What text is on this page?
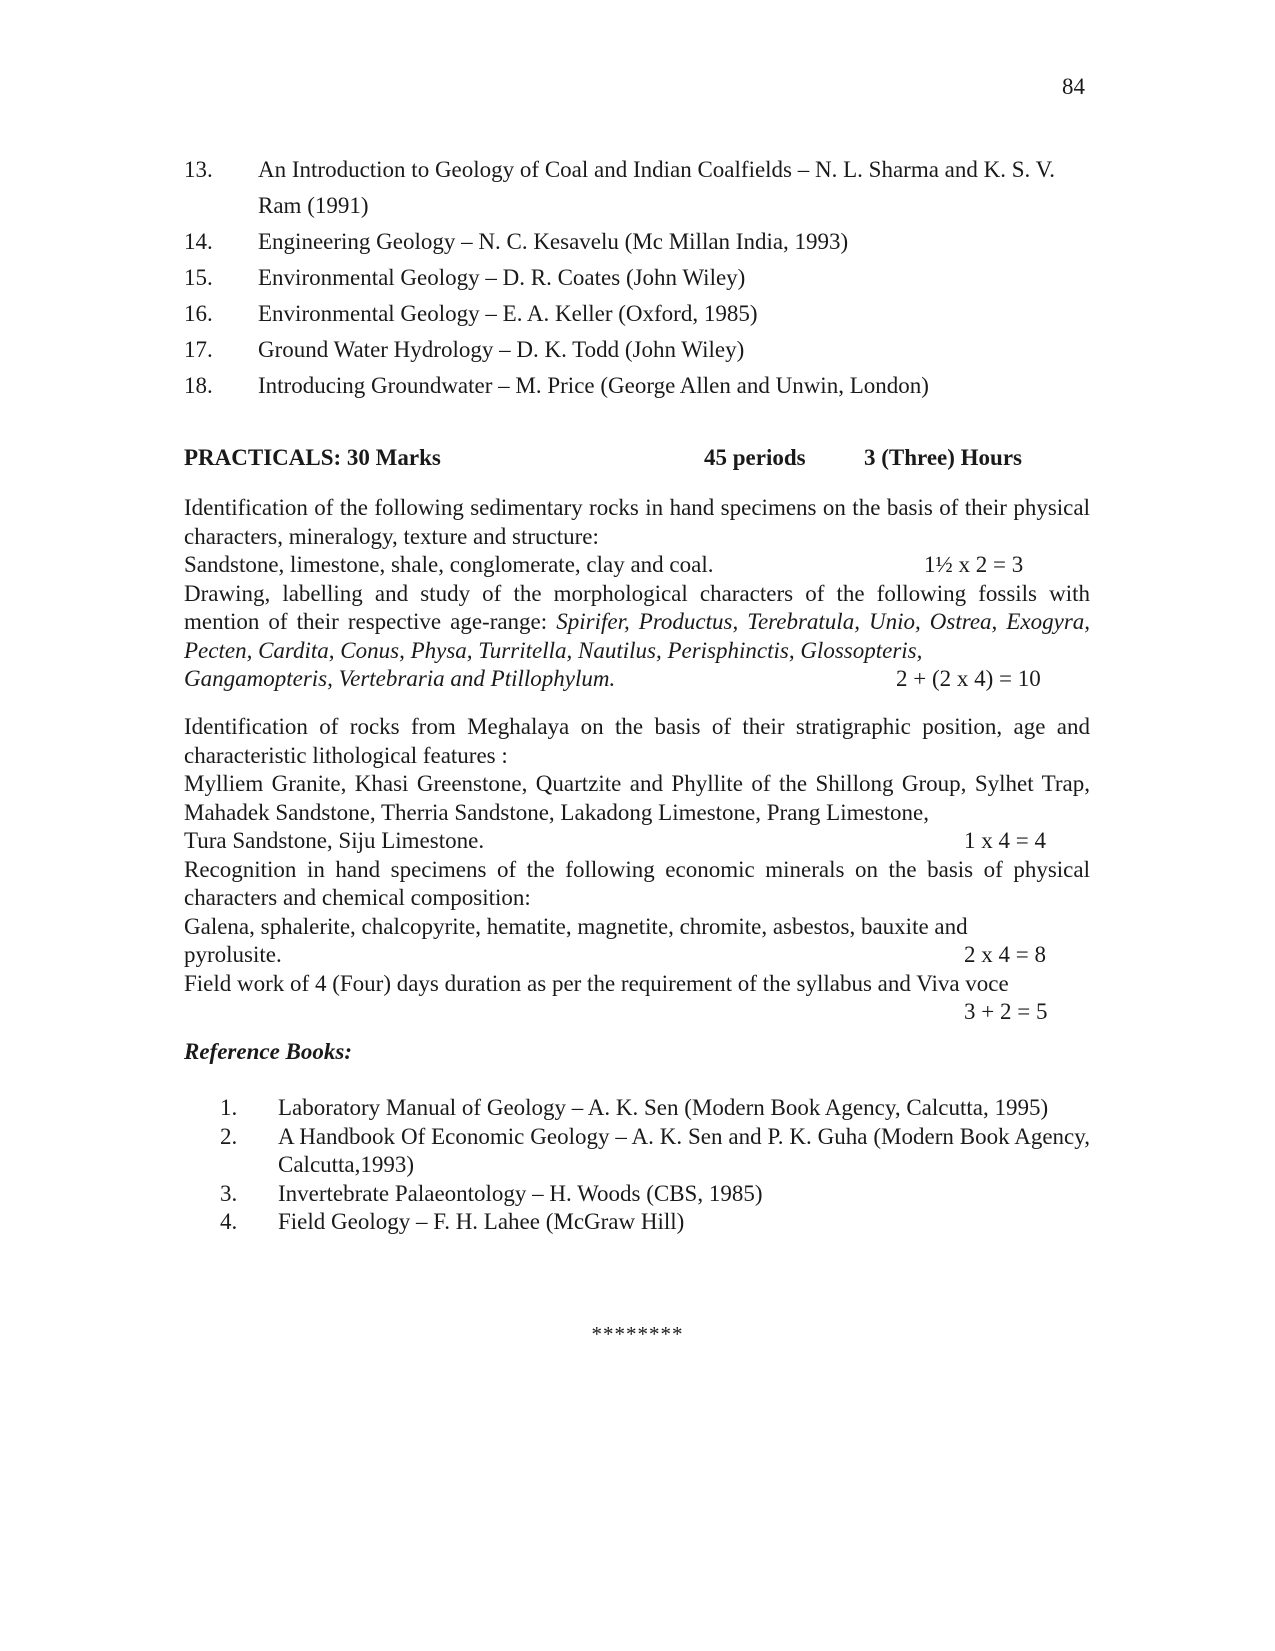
84
13.	An Introduction to Geology of Coal and Indian Coalfields – N. L. Sharma and K. S. V. Ram (1991)
14.	Engineering Geology – N. C. Kesavelu (Mc Millan India, 1993)
15.	Environmental Geology – D. R. Coates (John Wiley)
16.	Environmental Geology – E. A. Keller (Oxford, 1985)
17.	Ground Water Hydrology – D. K. Todd (John Wiley)
18.	Introducing Groundwater – M. Price (George Allen and Unwin, London)
PRACTICALS: 30 Marks	45 periods	3 (Three) Hours
Identification of the following sedimentary rocks in hand specimens on the basis of their physical characters, mineralogy, texture and structure:
Sandstone, limestone, shale, conglomerate, clay and coal.	1½ x 2 = 3
Drawing, labelling and study of the morphological characters of the following fossils with mention of their respective age-range: Spirifer, Productus, Terebratula, Unio, Ostrea, Exogyra, Pecten, Cardita, Conus, Physa, Turritella, Nautilus, Perisphinctis, Glossopteris,
Gangamopteris, Vertebraria and Ptillophylum.	2 + (2 x 4) = 10
Identification of rocks from Meghalaya on the basis of their stratigraphic position, age and characteristic lithological features :
Mylliem Granite, Khasi Greenstone, Quartzite and Phyllite of the Shillong Group, Sylhet Trap, Mahadek Sandstone, Therria Sandstone, Lakadong Limestone, Prang Limestone,
Tura Sandstone, Siju Limestone.	1 x 4 = 4
Recognition in hand specimens of the following economic minerals on the basis of physical characters and chemical composition:
Galena, sphalerite, chalcopyrite, hematite, magnetite, chromite, asbestos, bauxite and
pyrolusite.	2 x 4 = 8
Field work of 4 (Four) days duration as per the requirement of the syllabus and Viva voce
3 + 2 = 5
Reference Books:
1.	Laboratory Manual of Geology – A. K. Sen (Modern Book Agency, Calcutta, 1995)
2.	A Handbook Of Economic Geology – A. K. Sen and P. K. Guha (Modern Book Agency, Calcutta,1993)
3.	Invertebrate Palaeontology – H. Woods (CBS, 1985)
4.	Field Geology – F. H. Lahee (McGraw Hill)
********
